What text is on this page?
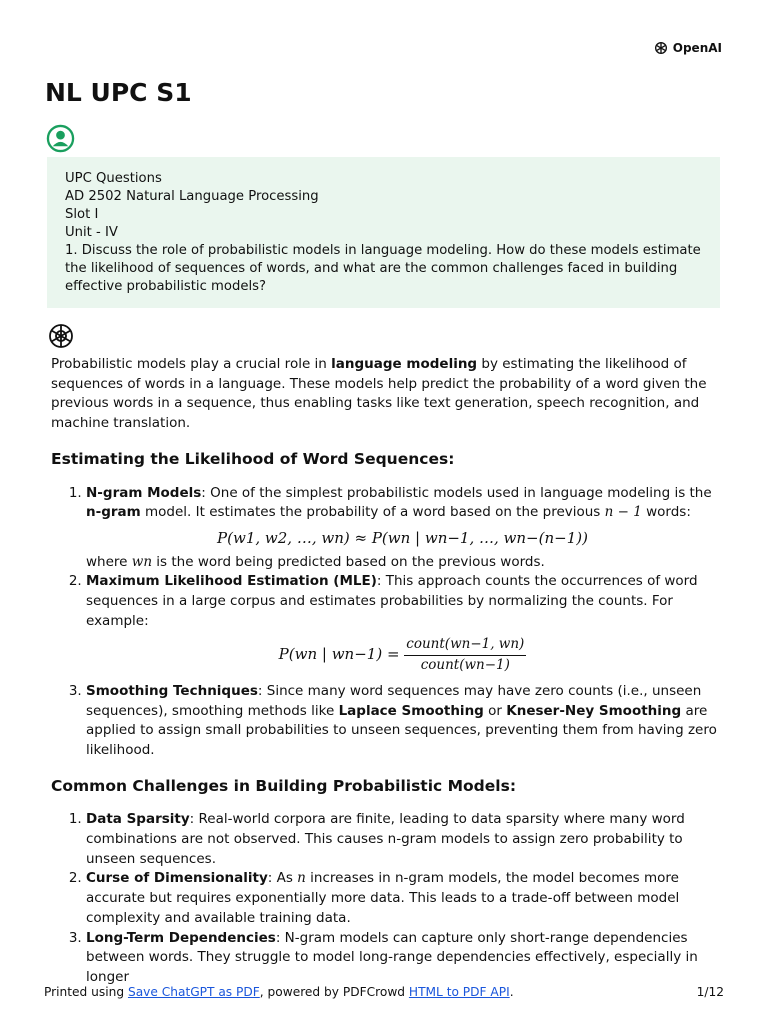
OpenAI
NL UPC S1
UPC Questions
AD 2502 Natural Language Processing
Slot I
Unit - IV
1. Discuss the role of probabilistic models in language modeling. How do these models estimate the likelihood of sequences of words, and what are the common challenges faced in building effective probabilistic models?

Probabilistic models play a crucial role in language modeling by estimating the likelihood of sequences of words in a language. These models help predict the probability of a word given the previous words in a sequence, thus enabling tasks like text generation, speech recognition, and machine translation.

Estimating the Likelihood of Word Sequences:
1. N-gram Models: One of the simplest probabilistic models used in language modeling is the n-gram model. It estimates the probability of a word based on the previous n − 1 words:
P(w1, w2, …, wn) ≈ P(wn | wn−1, …, wn−(n−1))
where wn is the word being predicted based on the previous words.
2. Maximum Likelihood Estimation (MLE): This approach counts the occurrences of word sequences in a large corpus and estimates probabilities by normalizing the counts. For example:
P(wn | $wn-1) = \frac{\text{count(wn−1, wn)}}{\text{count(wn−1)}}$
3. Smoothing Techniques: Since many word sequences may have zero counts (i.e., unseen sequences), smoothing methods like Laplace Smoothing or Kneser-Ney Smoothing are applied to assign small probabilities to unseen sequences, preventing them from having zero likelihood.
Common Challenges in Building Probabilistic Models:
1. Data Sparsity: Real-world corpora are finite, leading to data sparsity where many word combinations are not observed. This causes n-gram models to assign zero probability to unseen sequences.
2. Curse of Dimensionality: As n increases in n-gram models, the model becomes more accurate but requires exponentially more data. This leads to a trade-off between model complexity and available training data.
3. Long-Term Dependencies: N-gram models can capture only short-range dependencies between words. They struggle to model long-range dependencies effectively, especially in longer
Printed using Save ChatGPT as PDF, powered by PDFCrowd HTML to PDF API.	1/12
